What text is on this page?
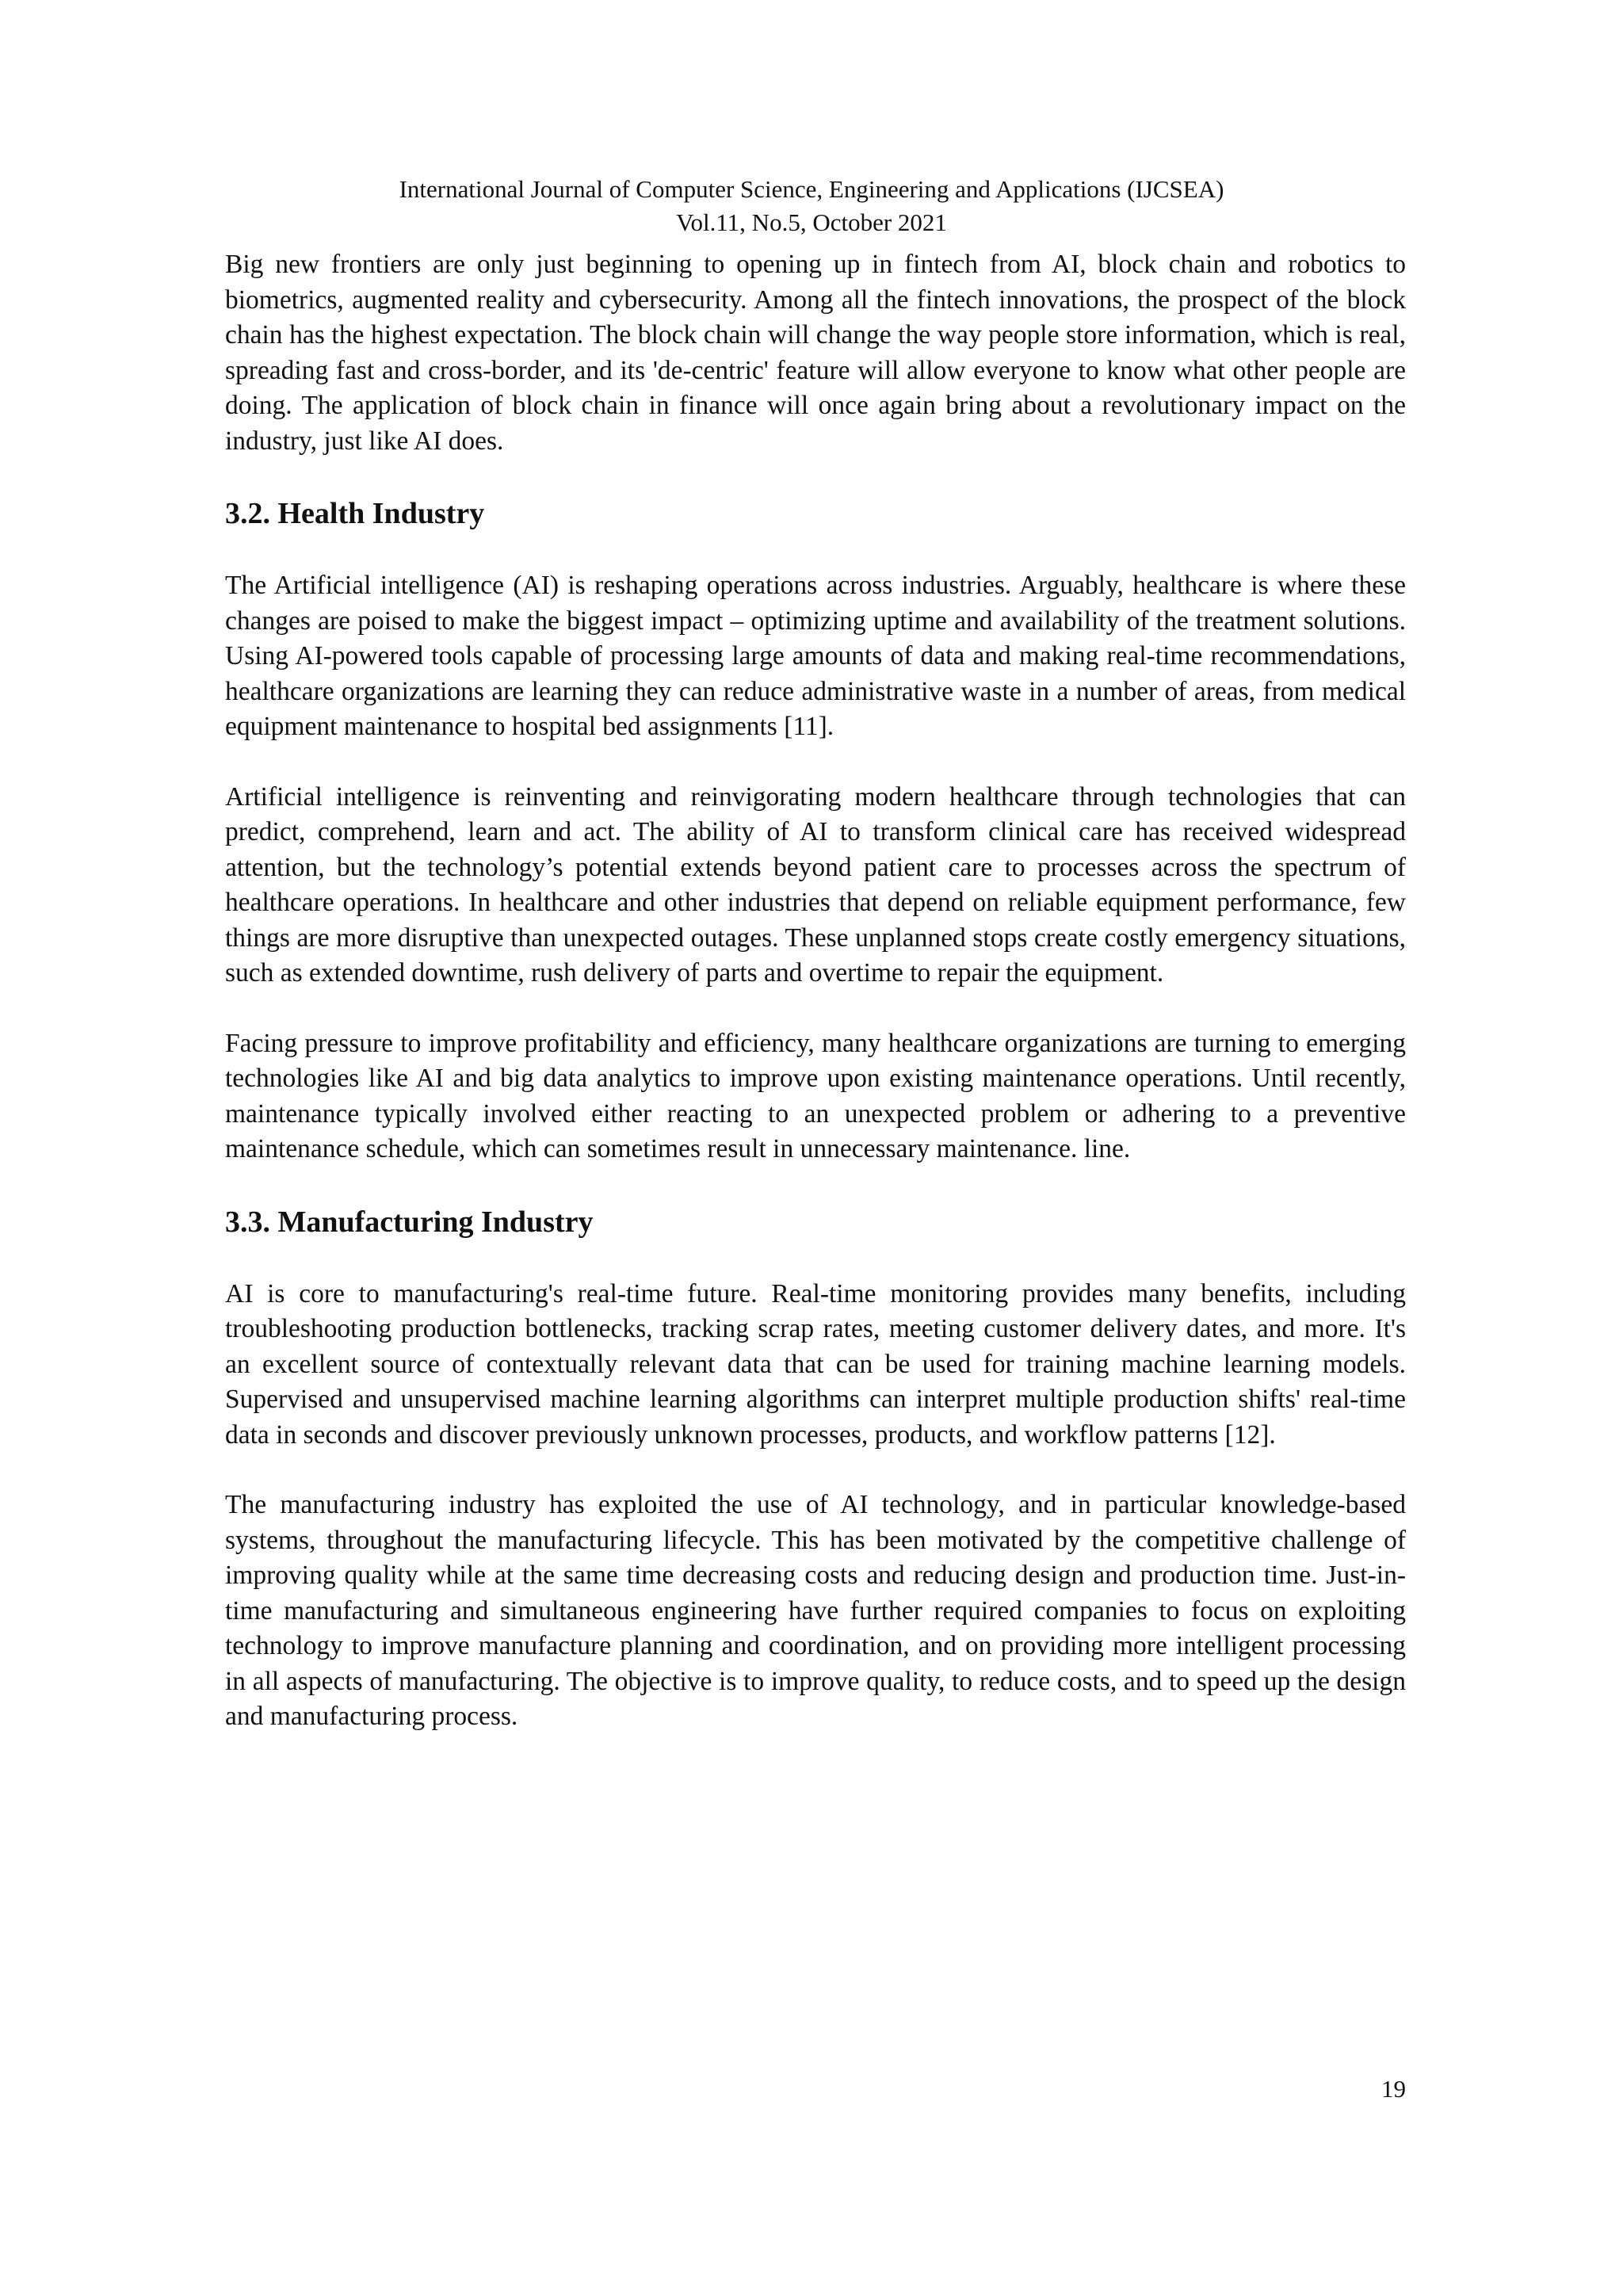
International Journal of Computer Science, Engineering and Applications (IJCSEA)
Vol.11, No.5, October 2021

Big new frontiers are only just beginning to opening up in fintech from AI, block chain and robotics to biometrics, augmented reality and cybersecurity. Among all the fintech innovations, the prospect of the block chain has the highest expectation. The block chain will change the way people store information, which is real, spreading fast and cross-border, and its 'de-centric' feature will allow everyone to know what other people are doing. The application of block chain in finance will once again bring about a revolutionary impact on the industry, just like AI does.

3.2. Health Industry

The Artificial intelligence (AI) is reshaping operations across industries. Arguably, healthcare is where these changes are poised to make the biggest impact – optimizing uptime and availability of the treatment solutions. Using AI-powered tools capable of processing large amounts of data and making real-time recommendations, healthcare organizations are learning they can reduce administrative waste in a number of areas, from medical equipment maintenance to hospital bed assignments [11].

Artificial intelligence is reinventing and reinvigorating modern healthcare through technologies that can predict, comprehend, learn and act. The ability of AI to transform clinical care has received widespread attention, but the technology’s potential extends beyond patient care to processes across the spectrum of healthcare operations. In healthcare and other industries that depend on reliable equipment performance, few things are more disruptive than unexpected outages. These unplanned stops create costly emergency situations, such as extended downtime, rush delivery of parts and overtime to repair the equipment.

Facing pressure to improve profitability and efficiency, many healthcare organizations are turning to emerging technologies like AI and big data analytics to improve upon existing maintenance operations. Until recently, maintenance typically involved either reacting to an unexpected problem or adhering to a preventive maintenance schedule, which can sometimes result in unnecessary maintenance. line.

3.3. Manufacturing Industry

AI is core to manufacturing's real-time future. Real-time monitoring provides many benefits, including troubleshooting production bottlenecks, tracking scrap rates, meeting customer delivery dates, and more. It's an excellent source of contextually relevant data that can be used for training machine learning models. Supervised and unsupervised machine learning algorithms can interpret multiple production shifts' real-time data in seconds and discover previously unknown processes, products, and workflow patterns [12].

The manufacturing industry has exploited the use of AI technology, and in particular knowledge-based systems, throughout the manufacturing lifecycle. This has been motivated by the competitive challenge of improving quality while at the same time decreasing costs and reducing design and production time. Just-in-time manufacturing and simultaneous engineering have further required companies to focus on exploiting technology to improve manufacture planning and coordination, and on providing more intelligent processing in all aspects of manufacturing. The objective is to improve quality, to reduce costs, and to speed up the design and manufacturing process.

19
